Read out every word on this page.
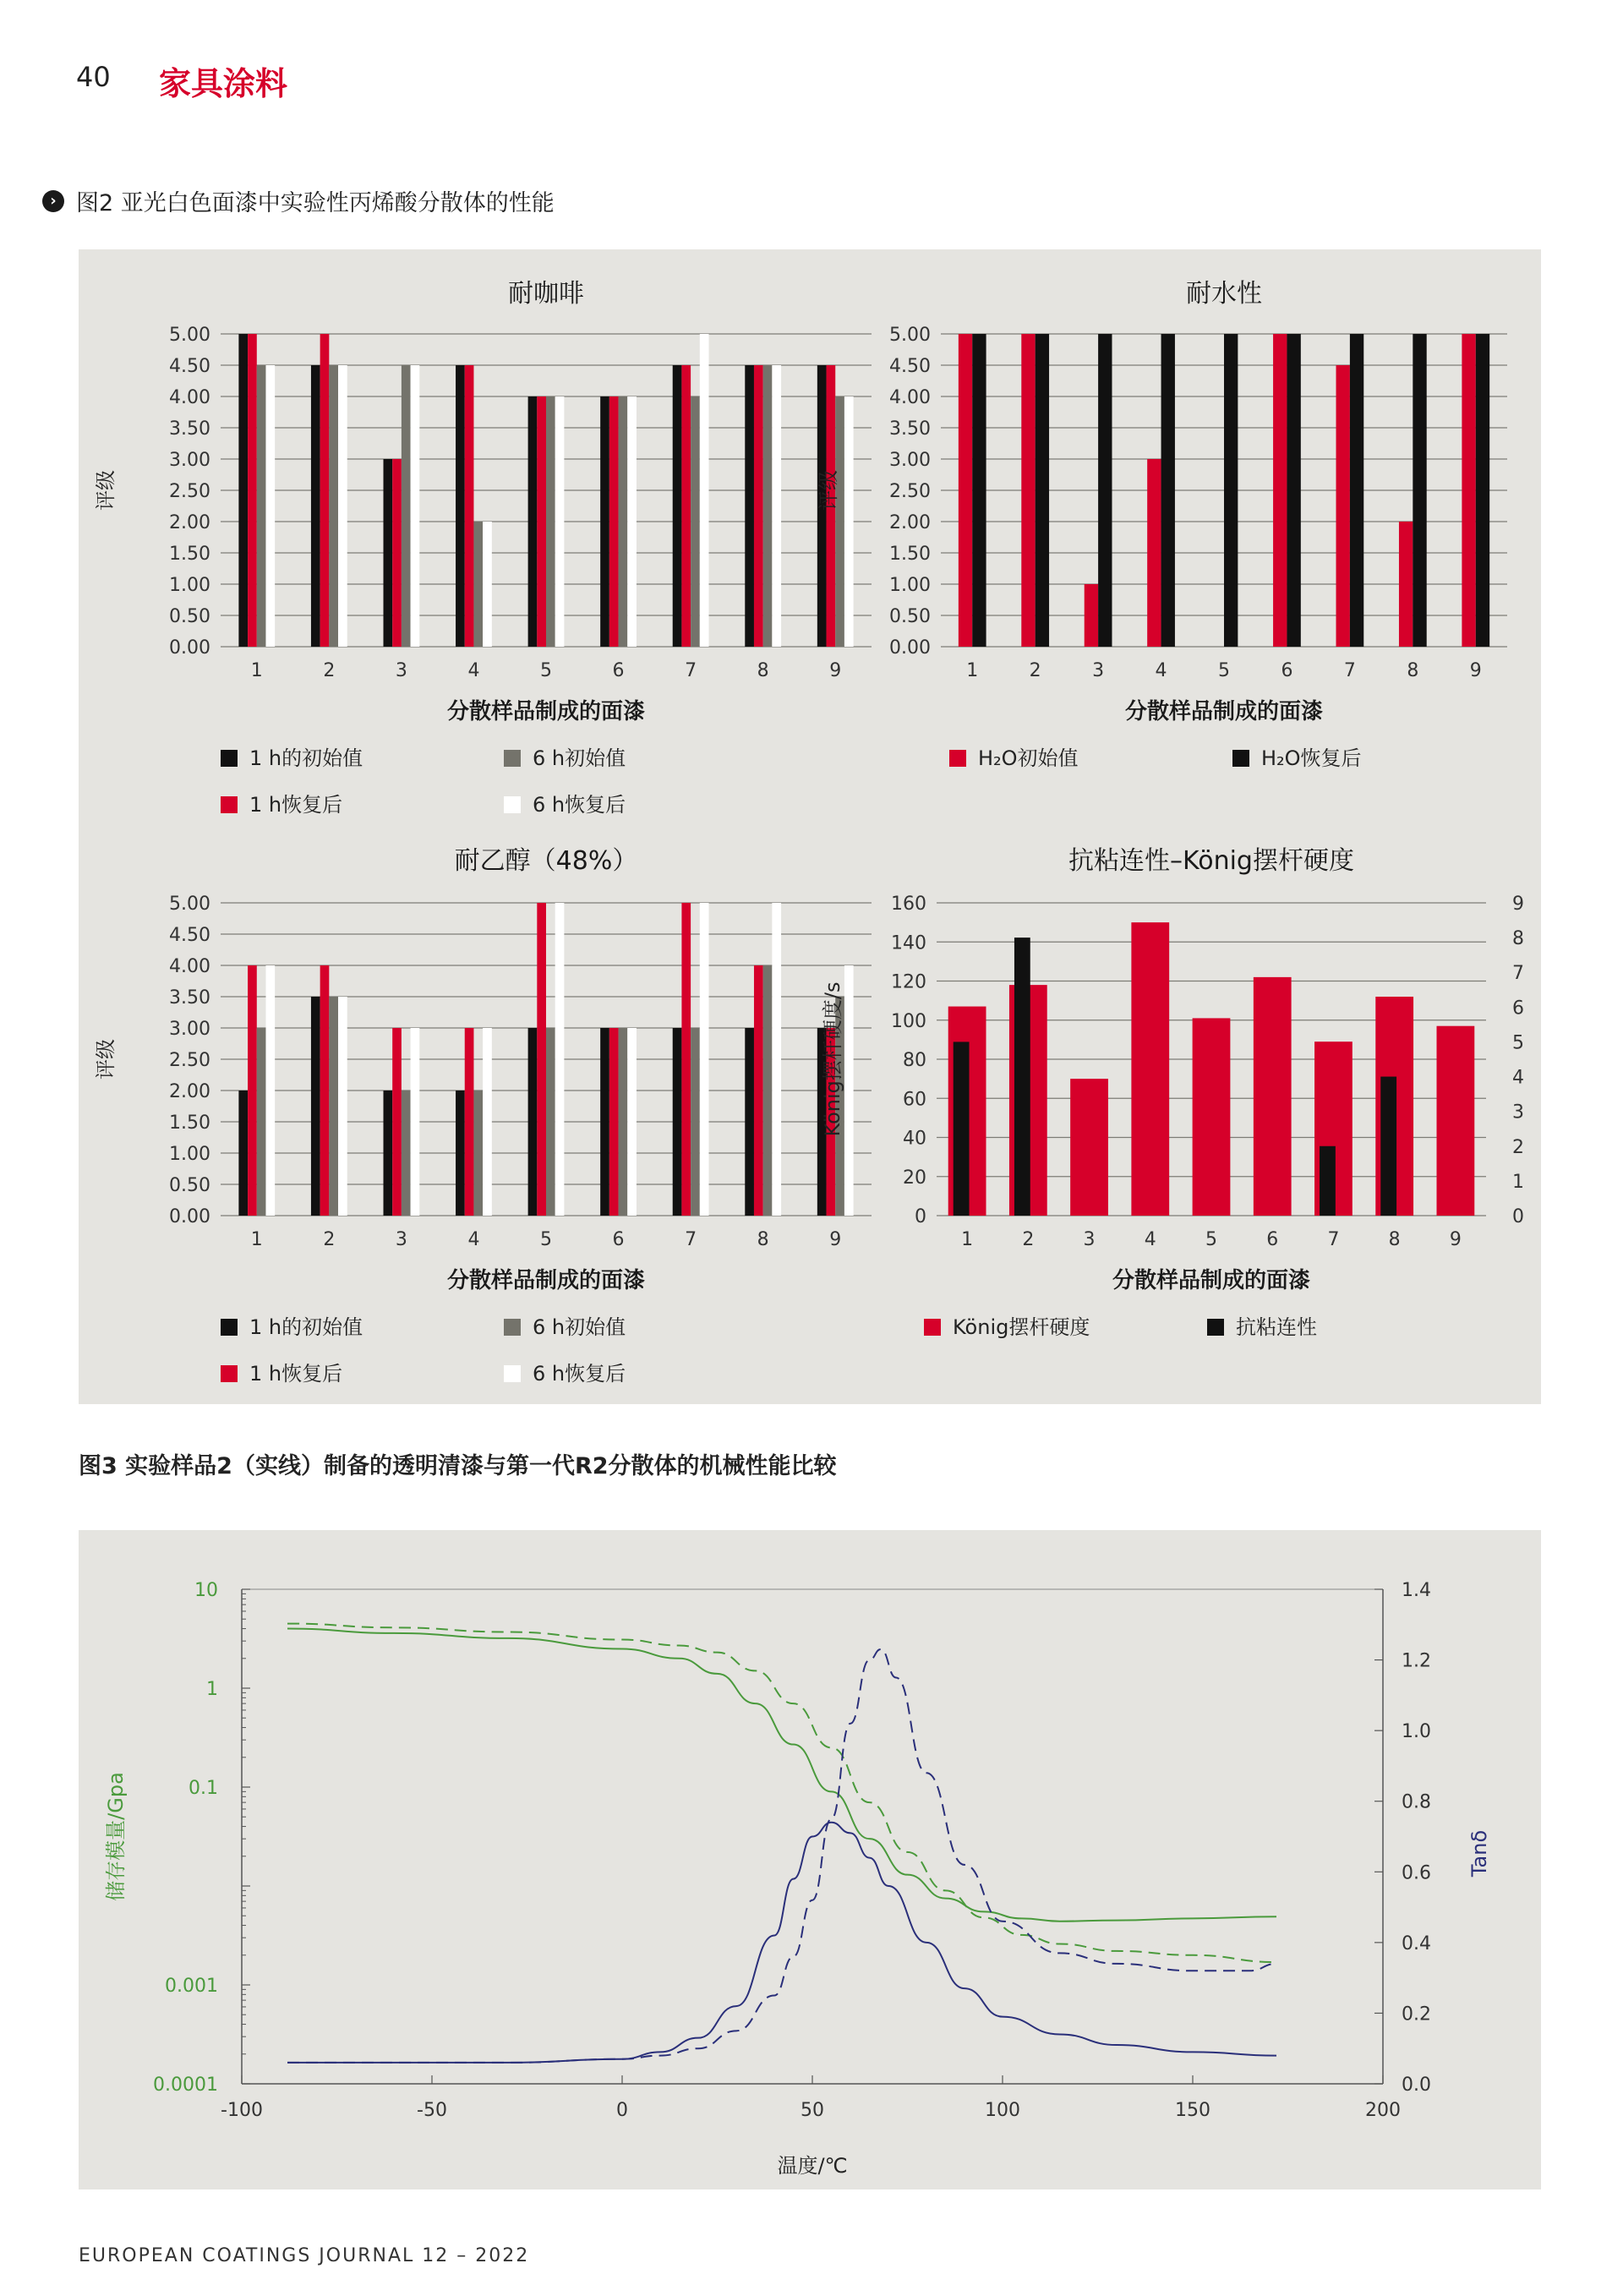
40 家具涂料
› 图2 亚光白色面漆中实验性丙烯酸分散体的性能
耐咖啡
0.00
0.50
1.00
1.50
2.00
2.50
3.00
3.50
4.00
4.50
5.00
评级
1	2	3	4	5	6	7	8	9
分散样品制成的面漆
1 h的初始值
1 h恢复后
6 h初始值
6 h恢复后
耐水性
0.00
0.50
1.00
1.50
2.00
2.50
3.00
3.50
4.00
4.50
5.00
评级
1	2	3	4	5	6	7	8	9
分散样品制成的面漆
H₂O初始值	H₂O恢复后
耐乙醇（48%）
0.00
0.50
1.00
1.50
2.00
2.50
3.00
3.50
4.00
4.50
5.00
评级
1	2	3	4	5	6	7	8	9
分散样品制成的面漆
1 h的初始值
1 h恢复后
6 h初始值
6 h恢复后
抗粘连性–König摆杆硬度
0
20
40
60
80
100
120
140
160
0
1
2
3
4
5
6
7
8
9
König摆杆硬度/s
1	2	3	4	5	6	7	8	9
分散样品制成的面漆
König摆杆硬度	抗粘连性
图3 实验样品2（实线）制备的透明清漆与第一代R2分散体的机械性能比较
0.0001
0.001
0.1
1
10
0.0
0.2
0.4
0.6
0.8
1.0
1.2
1.4
-100	-50	0	50	100	150	200
温度/℃
储存模量/Gpa	Tanδ
EUROPEAN COATINGS JOURNAL 12 – 2022
